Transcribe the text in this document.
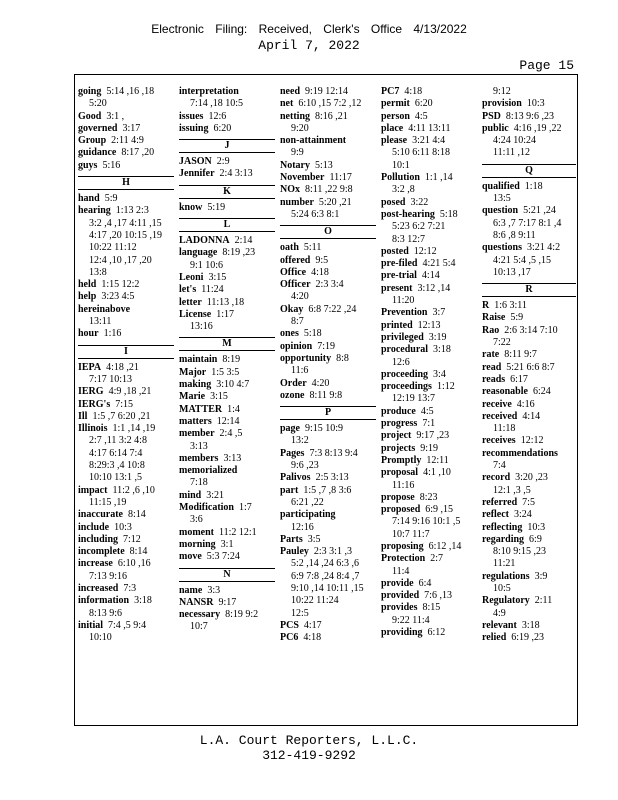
Electronic Filing: Received, Clerk's Office 4/13/2022
April 7, 2022
Page 15
going 5:14 ,16 ,18
5:20
Good 3:1 ,
governed 3:17
Group 2:11 4:9
guidance 8:17 ,20
guys 5:16
H
hand 5:9
hearing 1:13 2:3
3:2 ,4 ,17 4:11 ,15
4:17 ,20 10:15 ,19
10:22 11:12
12:4 ,10 ,17 ,20
13:8
held 1:15 12:2
help 3:23 4:5
hereinabove
13:11
hour 1:16
I
IEPA 4:18 ,21
7:17 10:13
IERG 4:9 ,18 ,21
IERG's 7:15
Ill 1:5 ,7 6:20 ,21
Illinois 1:1 ,14 ,19
2:7 ,11 3:2 4:8
4:17 6:14 7:4
8:29:3 ,4 10:8
10:10 13:1 ,5
impact 11:2 ,6 ,10
11:15 ,19
inaccurate 8:14
include 10:3
including 7:12
incomplete 8:14
increase 6:10 ,16
7:13 9:16
increased 7:3
information 3:18
8:13 9:6
initial 7:4 ,5 9:4
10:10
interpretation
7:14 ,18 10:5
issues 12:6
issuing 6:20
J
JASON 2:9
Jennifer 2:4 3:13
K
know 5:19
L
LADONNA 2:14
language 8:19 ,23
9:1 10:6
Leoni 3:15
let's 11:24
letter 11:13 ,18
License 1:17
13:16
M
maintain 8:19
Major 1:5 3:5
making 3:10 4:7
Marie 3:15
MATTER 1:4
matters 12:14
member 2:4 ,5
3:13
members 3:13
memorialized
7:18
mind 3:21
Modification 1:7
3:6
moment 11:2 12:1
morning 3:1
move 5:3 7:24
N
name 3:3
NANSR 9:17
necessary 8:19 9:2
10:7
need 9:19 12:14
net 6:10 ,15 7:2 ,12
netting 8:16 ,21
9:20
non-attainment
9:9
Notary 5:13
November 11:17
NOx 8:11 ,22 9:8
number 5:20 ,21
5:24 6:3 8:1
O
oath 5:11
offered 9:5
Office 4:18
Officer 2:3 3:4
4:20
Okay 6:8 7:22 ,24
8:7
ones 5:18
opinion 7:19
opportunity 8:8
11:6
Order 4:20
ozone 8:11 9:8
P
page 9:15 10:9
13:2
Pages 7:3 8:13 9:4
9:6 ,23
Palivos 2:5 3:13
part 1:5 ,7 ,8 3:6
6:21 ,22
participating
12:16
Parts 3:5
Pauley 2:3 3:1 ,3
5:2 ,14 ,24 6:3 ,6
6:9 7:8 ,24 8:4 ,7
9:10 ,14 10:11 ,15
10:22 11:24
12:5
PCS 4:17
PC6 4:18
PC7 4:18
permit 6:20
person 4:5
place 4:11 13:11
please 3:21 4:4
5:10 6:11 8:18
10:1
Pollution 1:1 ,14
3:2 ,8
posed 3:22
post-hearing 5:18
5:23 6:2 7:21
8:3 12:7
posted 12:12
pre-filed 4:21 5:4
pre-trial 4:14
present 3:12 ,14
11:20
Prevention 3:7
printed 12:13
privileged 3:19
procedural 3:18
12:6
proceeding 3:4
proceedings 1:12
12:19 13:7
produce 4:5
progress 7:1
project 9:17 ,23
projects 9:19
Promptly 12:11
proposal 4:1 ,10
11:16
propose 8:23
proposed 6:9 ,15
7:14 9:16 10:1 ,5
10:7 11:7
proposing 6:12 ,14
Protection 2:7
11:4
provide 6:4
provided 7:6 ,13
provides 8:15
9:22 11:4
providing 6:12
9:12
provision 10:3
PSD 8:13 9:6 ,23
public 4:16 ,19 ,22
4:24 10:24
11:11 ,12
Q
qualified 1:18
13:5
question 5:21 ,24
6:3 ,7 7:17 8:1 ,4
8:6 ,8 9:11
questions 3:21 4:2
4:21 5:4 ,5 ,15
10:13 ,17
R
R 1:6 3:11
Raise 5:9
Rao 2:6 3:14 7:10
7:22
rate 8:11 9:7
read 5:21 6:6 8:7
reads 6:17
reasonable 6:24
receive 4:16
received 4:14
11:18
receives 12:12
recommendations
7:4
record 3:20 ,23
12:1 ,3 ,5
referred 7:5
reflect 3:24
reflecting 10:3
regarding 6:9
8:10 9:15 ,23
11:21
regulations 3:9
10:5
Regulatory 2:11
4:9
relevant 3:18
relied 6:19 ,23
L.A. Court Reporters, L.L.C.
312-419-9292
